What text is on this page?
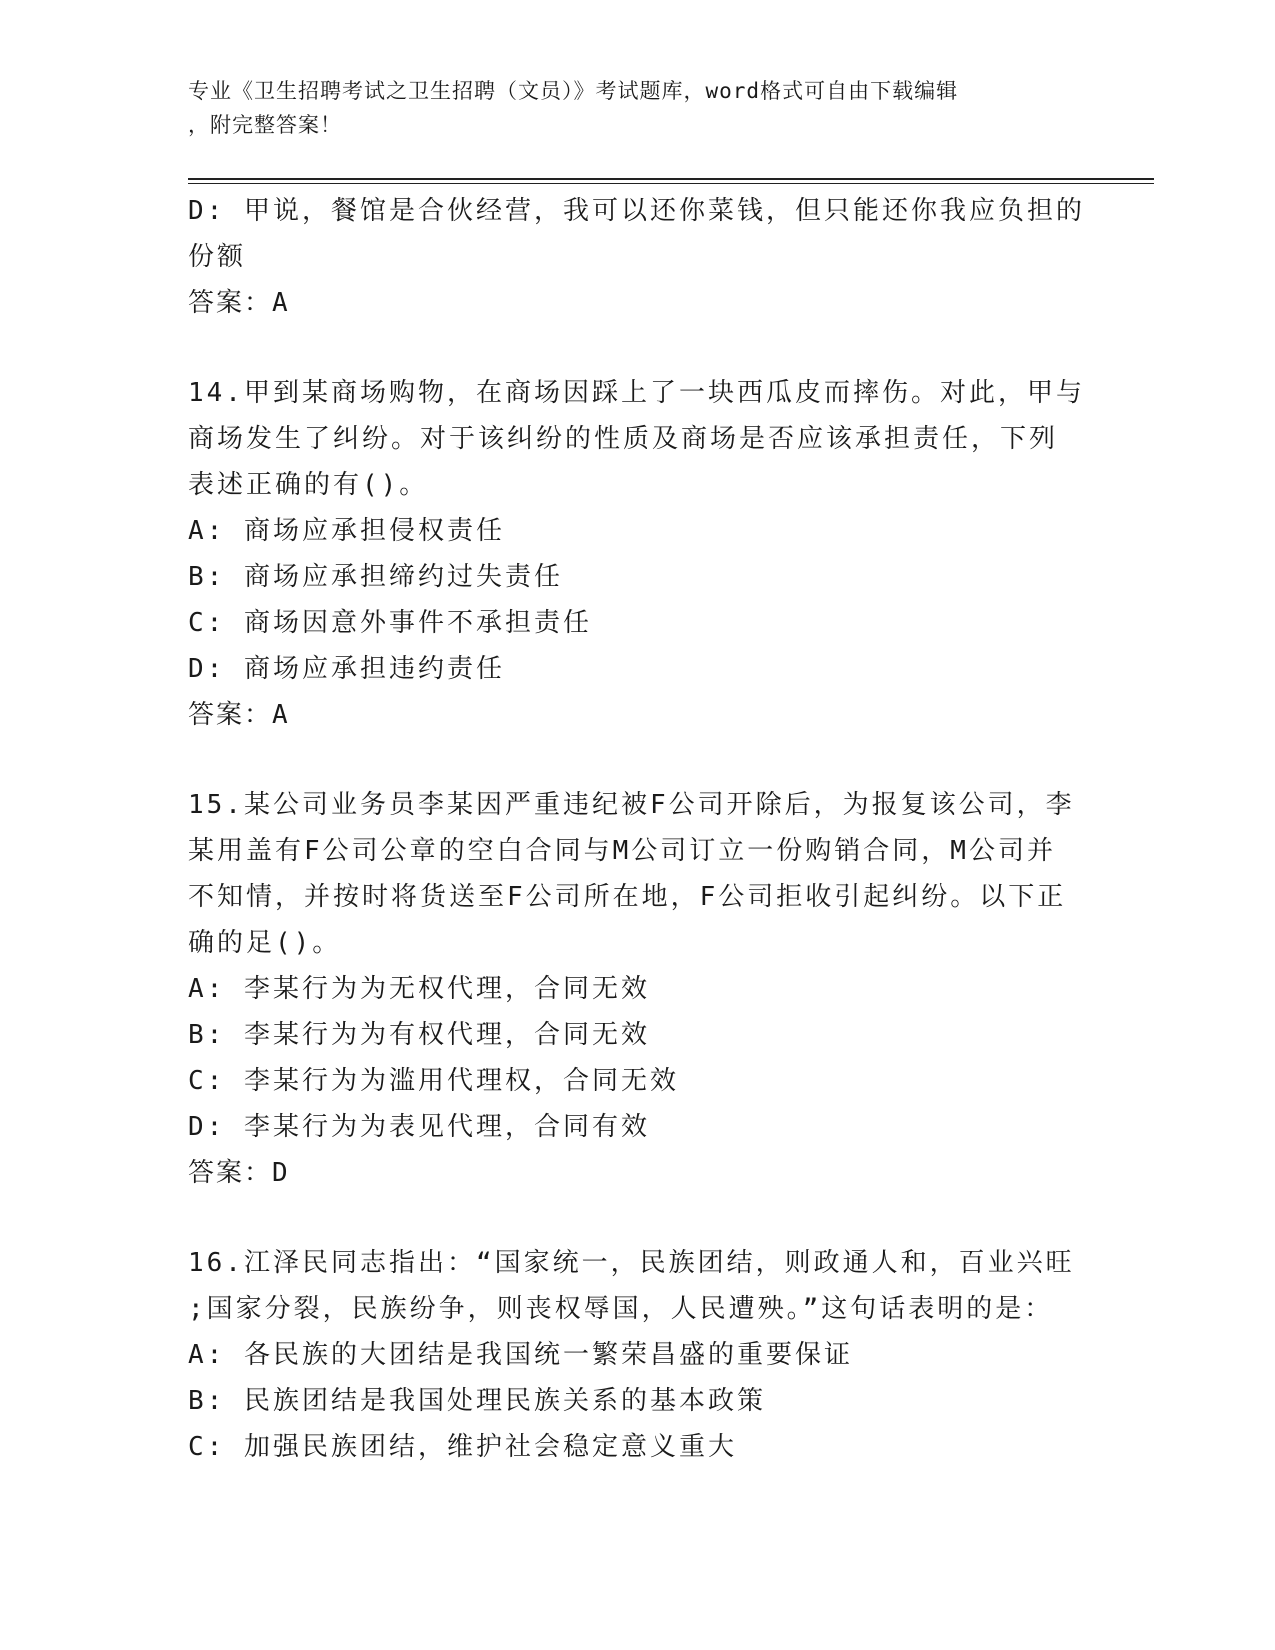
专业《卫生招聘考试之卫生招聘（文员）》考试题库，word格式可自由下载编辑
，附完整答案！
D: 甲说，餐馆是合伙经营，我可以还你菜钱，但只能还你我应负担的
份额
答案：A
14.甲到某商场购物，在商场因踩上了一块西瓜皮而摔伤。对此，甲与
商场发生了纠纷。对于该纠纷的性质及商场是否应该承担责任，下列
表述正确的有()。
A: 商场应承担侵权责任
B: 商场应承担缔约过失责任
C: 商场因意外事件不承担责任
D: 商场应承担违约责任
答案：A
15.某公司业务员李某因严重违纪被F公司开除后，为报复该公司，李
某用盖有F公司公章的空白合同与M公司订立一份购销合同，M公司并
不知情，并按时将货送至F公司所在地，F公司拒收引起纠纷。以下正
确的足()。
A: 李某行为为无权代理，合同无效
B: 李某行为为有权代理，合同无效
C: 李某行为为滥用代理权，合同无效
D: 李某行为为表见代理，合同有效
答案：D
16.江泽民同志指出：“国家统一，民族团结，则政通人和，百业兴旺
;国家分裂，民族纷争，则丧权辱国，人民遭殃。”这句话表明的是：
A: 各民族的大团结是我国统一繁荣昌盛的重要保证
B: 民族团结是我国处理民族关系的基本政策
C: 加强民族团结，维护社会稳定意义重大
